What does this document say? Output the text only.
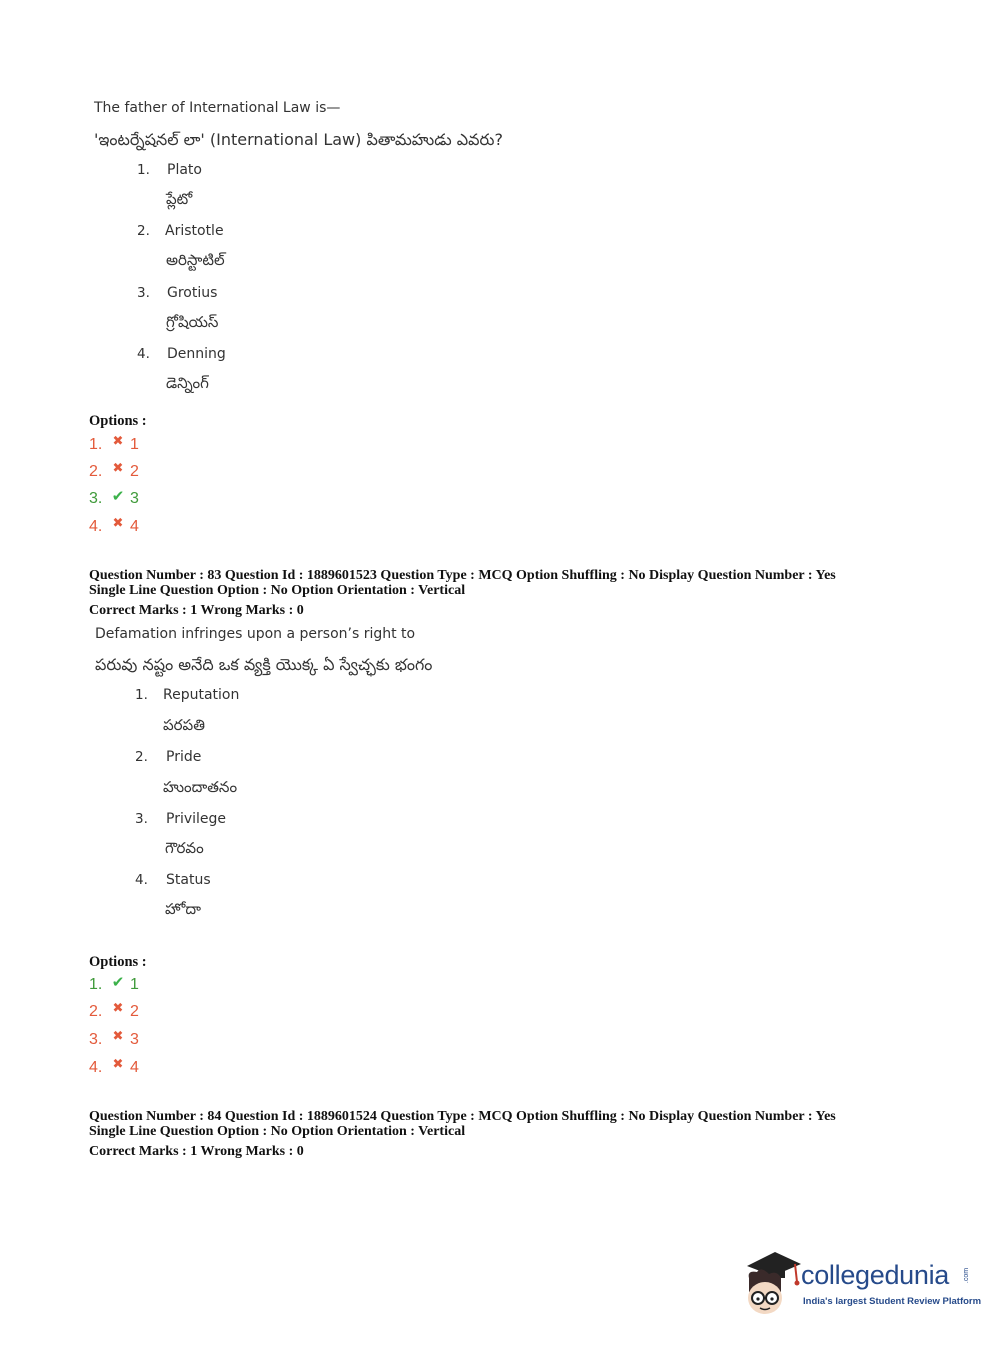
The father of International Law is—
'ఇంటర్నేషనల్ లా' (International Law) పితామహుడు ఎవరు?
1. Plato
ప్లేటో
2. Aristotle
అరిస్టాటిల్
3. Grotius
గ్రోషియస్
4. Denning
డెన్నింగ్
Options :
1. ✖ 1
2. ✖ 2
3. ✔ 3
4. ✖ 4
Question Number : 83 Question Id : 1889601523 Question Type : MCQ Option Shuffling : No Display Question Number : Yes
Single Line Question Option : No Option Orientation : Vertical
Correct Marks : 1 Wrong Marks : 0
Defamation infringes upon a person’s right to
పరువు నష్టం అనేది ఒక వ్యక్తి యొక్క ఏ స్వేచ్ఛకు భంగం
1. Reputation
పరపతి
2. Pride
హుందాతనం
3. Privilege
గౌరవం
4. Status
హోదా
Options :
1. ✔ 1
2. ✖ 2
3. ✖ 3
4. ✖ 4
Question Number : 84 Question Id : 1889601524 Question Type : MCQ Option Shuffling : No Display Question Number : Yes
Single Line Question Option : No Option Orientation : Vertical
Correct Marks : 1 Wrong Marks : 0
collegedunia .com
India's largest Student Review Platform
